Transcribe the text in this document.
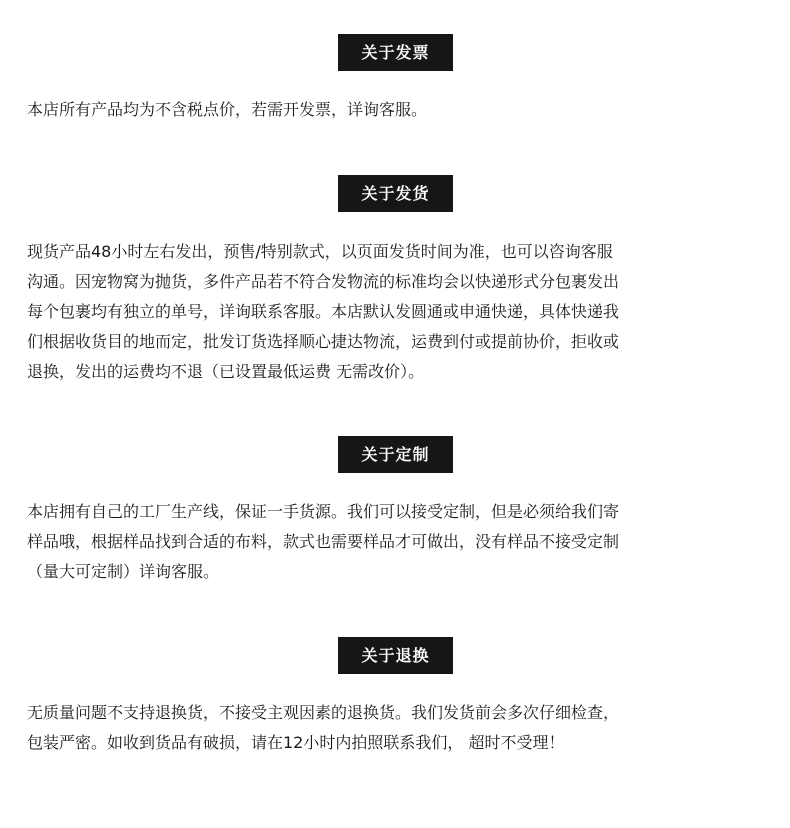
关于发票

本店所有产品均为不含税点价，若需开发票，详询客服。

关于发货

现货产品48小时左右发出，预售/特别款式，以页面发货时间为准，也可以咨询客服
沟通。因宠物窝为抛货，多件产品若不符合发物流的标准均会以快递形式分包裹发出
每个包裹均有独立的单号，详询联系客服。本店默认发圆通或申通快递，具体快递我
们根据收货目的地而定，批发订货选择顺心捷达物流，运费到付或提前协价，拒收或
退换，发出的运费均不退（已设置最低运费 无需改价）。

关于定制

本店拥有自己的工厂生产线，保证一手货源。我们可以接受定制，但是必须给我们寄
样品哦，根据样品找到合适的布料，款式也需要样品才可做出，没有样品不接受定制
（量大可定制）详询客服。

关于退换

无质量问题不支持退换货，不接受主观因素的退换货。我们发货前会多次仔细检查，
包装严密。如收到货品有破损，请在12小时内拍照联系我们， 超时不受理！
